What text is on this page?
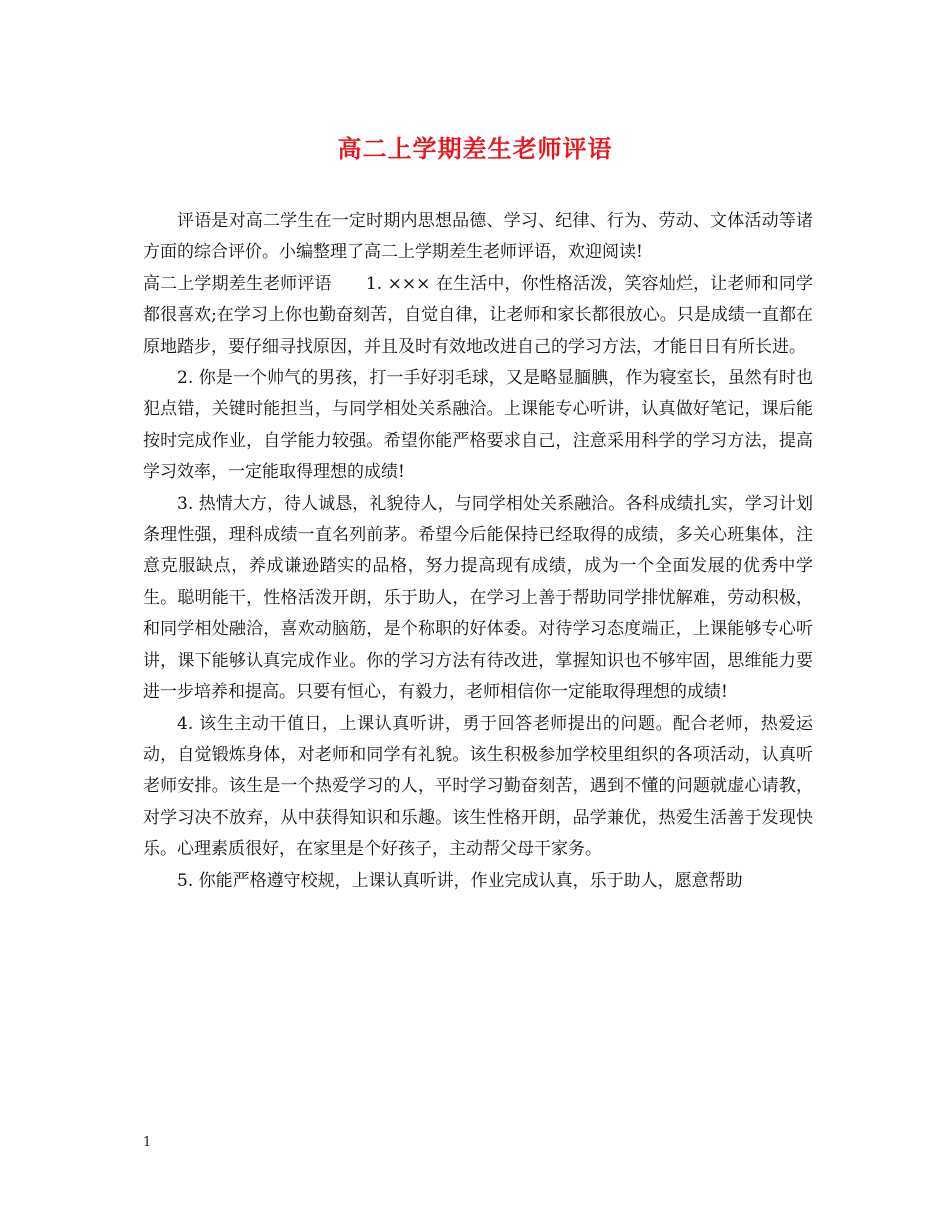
高二上学期差生老师评语

评语是对高二学生在一定时期内思想品德、学习、纪律、行为、劳动、文体活动等诸方面的综合评价。小编整理了高二上学期差生老师评语，欢迎阅读!

高二上学期差生老师评语　　1. ××× 在生活中，你性格活泼，笑容灿烂，让老师和同学都很喜欢;在学习上你也勤奋刻苦，自觉自律，让老师和家长都很放心。只是成绩一直都在原地踏步，要仔细寻找原因，并且及时有效地改进自己的学习方法，才能日日有所长进。

2. 你是一个帅气的男孩，打一手好羽毛球，又是略显腼腆，作为寝室长，虽然有时也犯点错，关键时能担当，与同学相处关系融洽。上课能专心听讲，认真做好笔记，课后能按时完成作业，自学能力较强。希望你能严格要求自己，注意采用科学的学习方法，提高学习效率，一定能取得理想的成绩!

3. 热情大方，待人诚恳，礼貌待人，与同学相处关系融洽。各科成绩扎实，学习计划条理性强，理科成绩一直名列前茅。希望今后能保持已经取得的成绩，多关心班集体，注意克服缺点，养成谦逊踏实的品格，努力提高现有成绩，成为一个全面发展的优秀中学生。聪明能干，性格活泼开朗，乐于助人，在学习上善于帮助同学排忧解难，劳动积极，和同学相处融洽，喜欢动脑筋，是个称职的好体委。对待学习态度端正，上课能够专心听讲，课下能够认真完成作业。你的学习方法有待改进，掌握知识也不够牢固，思维能力要进一步培养和提高。只要有恒心，有毅力，老师相信你一定能取得理想的成绩!

4. 该生主动干值日，上课认真听讲，勇于回答老师提出的问题。配合老师，热爱运动，自觉锻炼身体，对老师和同学有礼貌。该生积极参加学校里组织的各项活动，认真听老师安排。该生是一个热爱学习的人，平时学习勤奋刻苦，遇到不懂的问题就虚心请教，对学习决不放弃，从中获得知识和乐趣。该生性格开朗，品学兼优，热爱生活善于发现快乐。心理素质很好，在家里是个好孩子，主动帮父母干家务。

5. 你能严格遵守校规，上课认真听讲，作业完成认真，乐于助人，愿意帮助

1
